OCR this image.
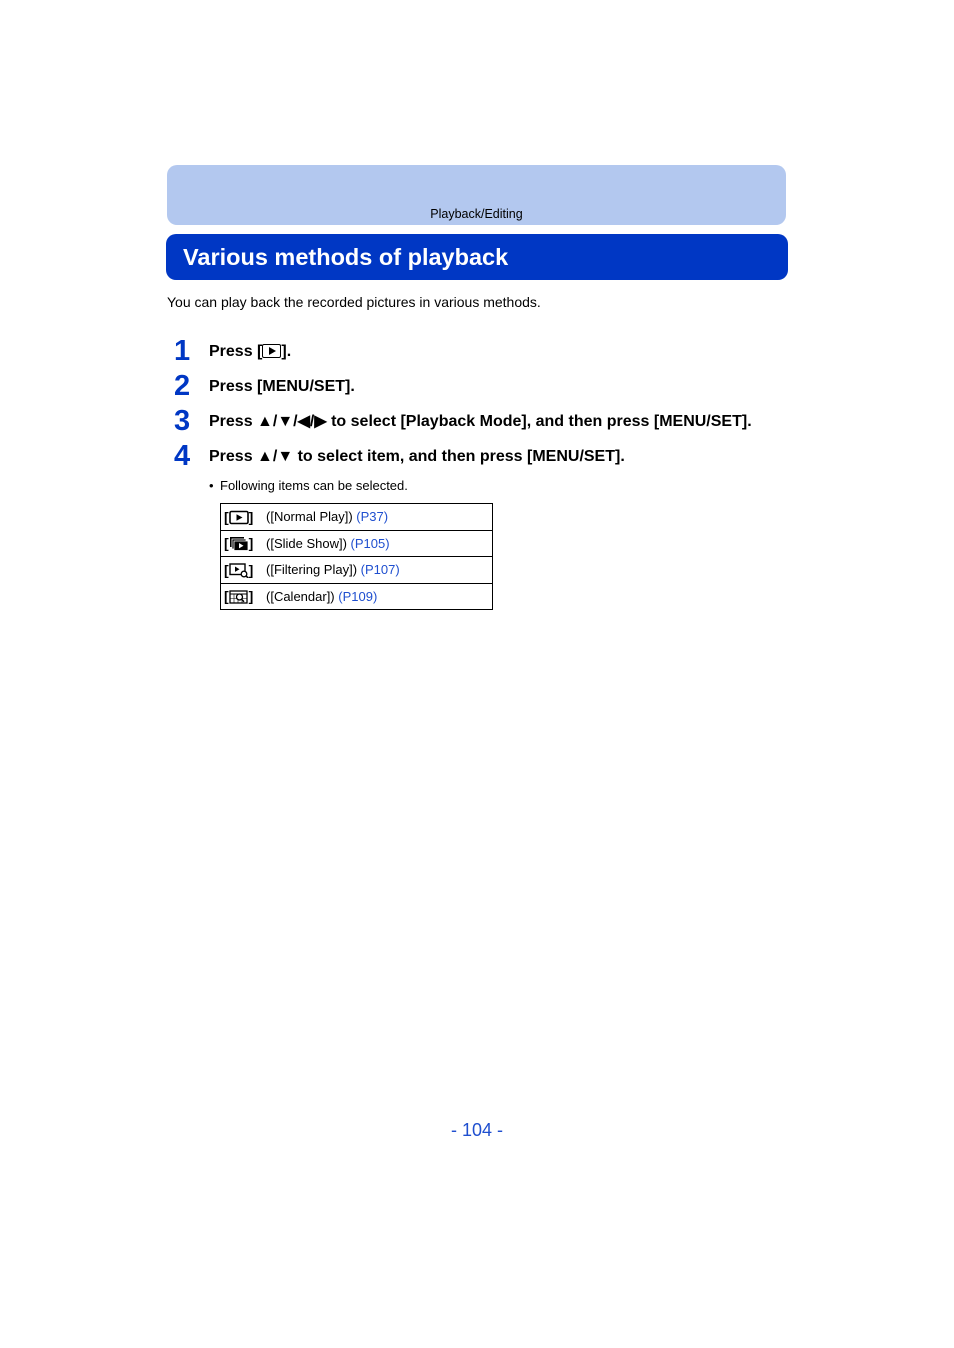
Playback/Editing
Various methods of playback
You can play back the recorded pictures in various methods.
1	Press [ ].
2	Press [MENU/SET].
3	Press ▲/▼/◀/▶ to select [Playback Mode], and then press [MENU/SET].
4	Press ▲/▼ to select item, and then press [MENU/SET].
• Following items can be selected.
[ ]	([Normal Play]) (P37)
[ ]	([Slide Show]) (P105)
[ ]	([Filtering Play]) (P107)
[ ]	([Calendar]) (P109)
- 104 -
